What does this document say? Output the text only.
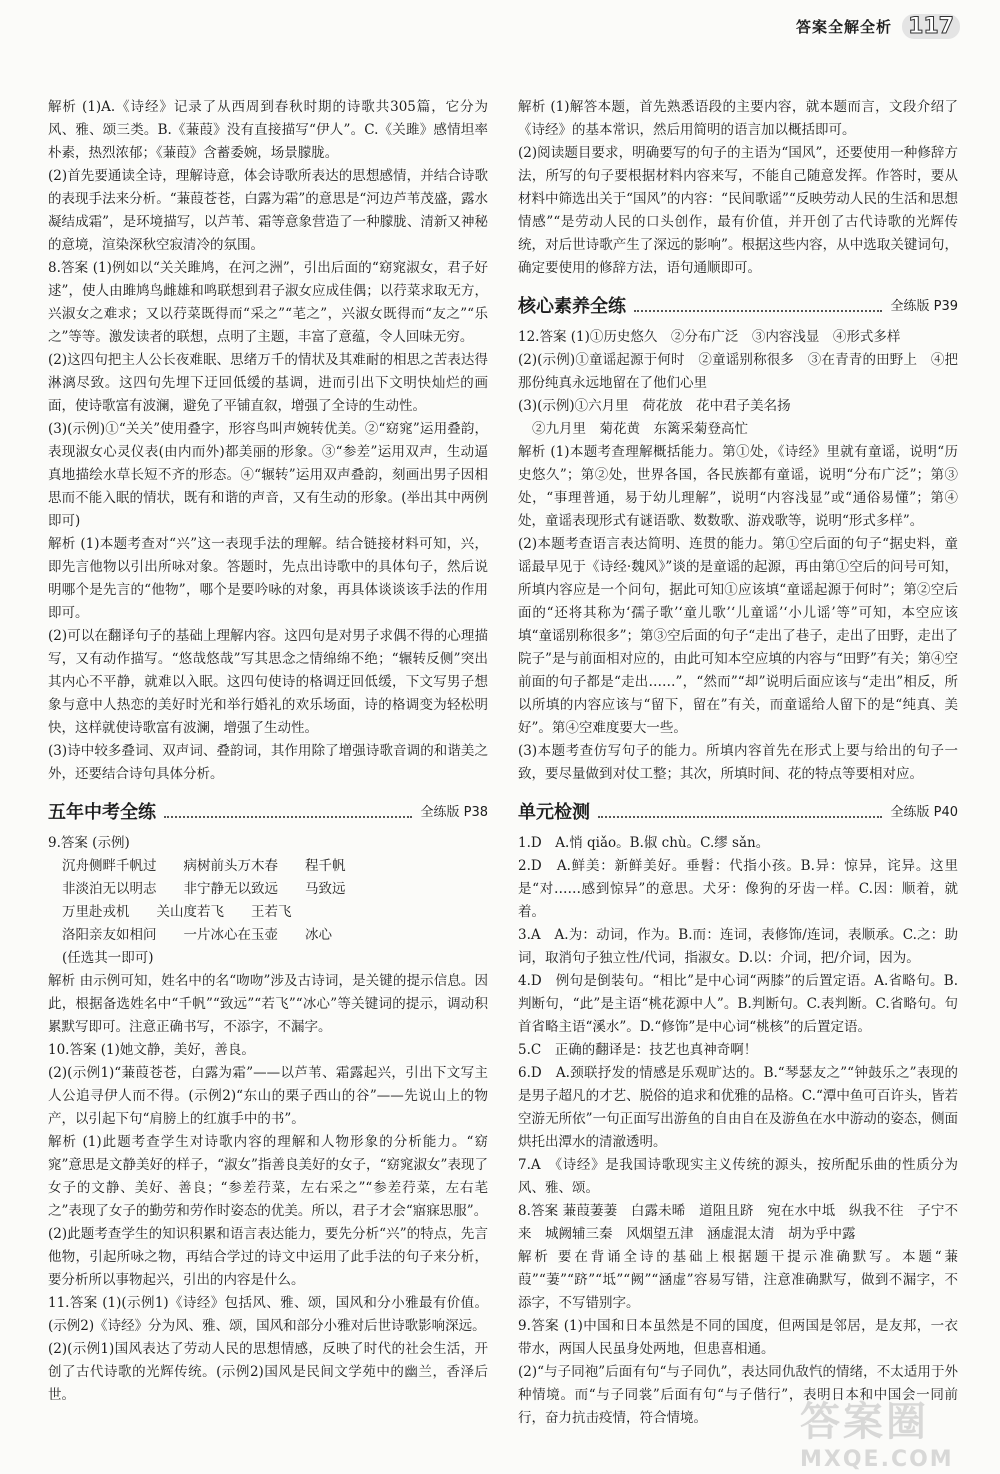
答案全解全析 117

解析 (1)A.《诗经》记录了从西周到春秋时期的诗歌共305篇，它分为风、雅、颂三类。B.《蒹葭》没有直接描写“伊人”。C.《关雎》感情坦率朴素，热烈浓郁；《蒹葭》含蓄委婉，场景朦胧。

(2)首先要通读全诗，理解诗意，体会诗歌所表达的思想感情，并结合诗歌的表现手法来分析。“蒹葭苍苍，白露为霜”的意思是“河边芦苇茂盛，露水凝结成霜”，是环境描写，以芦苇、霜等意象营造了一种朦胧、清新又神秘的意境，渲染深秋空寂清冷的氛围。

8.答案 (1)例如以“关关雎鸠，在河之洲”，引出后面的“窈窕淑女，君子好逑”，使人由雎鸠鸟雌雄和鸣联想到君子淑女应成佳偶；以荇菜求取无方，兴淑女之难求；又以荇菜既得而“采之”“芼之”，兴淑女既得而“友之”“乐之”等等。激发读者的联想，点明了主题，丰富了意蕴，令人回味无穷。

(2)这四句把主人公长夜难眠、思绪万千的情状及其难耐的相思之苦表达得淋漓尽致。这四句先埋下迂回低缓的基调，进而引出下文明快灿烂的画面，使诗歌富有波澜，避免了平铺直叙，增强了全诗的生动性。

(3)(示例)①“关关”使用叠字，形容鸟叫声婉转优美。②“窈窕”运用叠韵，表现淑女心灵仪表(由内而外)都美丽的形象。③“参差”运用双声，生动逼真地描绘水草长短不齐的形态。④“辗转”运用双声叠韵，刻画出男子因相思而不能入眠的情状，既有和谐的声音，又有生动的形象。(举出其中两例即可)

解析 (1)本题考查对“兴”这一表现手法的理解。结合链接材料可知，兴，即先言他物以引出所咏对象。答题时，先点出诗歌中的具体句子，然后说明哪个是先言的“他物”，哪个是要吟咏的对象，再具体谈谈该手法的作用即可。

(2)可以在翻译句子的基础上理解内容。这四句是对男子求偶不得的心理描写，又有动作描写。“悠哉悠哉”写其思念之情绵绵不绝；“辗转反侧”突出其内心不平静，就难以入眠。这四句使诗的格调迂回低缓，下文写男子想象与意中人热恋的美好时光和举行婚礼的欢乐场面，诗的格调变为轻松明快，这样就使诗歌富有波澜，增强了生动性。

(3)诗中较多叠词、双声词、叠韵词，其作用除了增强诗歌音调的和谐美之外，还要结合诗句具体分析。

五年中考全练	全练版 P38

9.答案 (示例)

沉舟侧畔千帆过　　病树前头万木春　　程千帆

非淡泊无以明志　　非宁静无以致远　　马致远

万里赴戎机　　关山度若飞　　王若飞

洛阳亲友如相问　　一片冰心在玉壶　　冰心

(任选其一即可)

解析 由示例可知，姓名中的名“吻吻”涉及古诗词，是关键的提示信息。因此，根据备选姓名中“千帆”“致远”“若飞”“冰心”等关键词的提示，调动积累默写即可。注意正确书写，不添字，不漏字。

10.答案 (1)她文静，美好，善良。

(2)(示例1)“蒹葭苍苍，白露为霜”——以芦苇、霜露起兴，引出下文写主人公追寻伊人而不得。(示例2)“东山的栗子西山的谷”——先说山上的物产，以引起下句“肩膀上的红旗手中的书”。

解析 (1)此题考查学生对诗歌内容的理解和人物形象的分析能力。“窈窕”意思是文静美好的样子，“淑女”指善良美好的女子，“窈窕淑女”表现了女子的文静、美好、善良；“参差荇菜，左右采之”“参差荇菜，左右芼之”表现了女子的勤劳和劳作时姿态的优美。所以，君子才会“寤寐思服”。

(2)此题考查学生的知识积累和语言表达能力，要先分析“兴”的特点，先言他物，引起所咏之物，再结合学过的诗文中运用了此手法的句子来分析，要分析所以事物起兴，引出的内容是什么。

11.答案 (1)(示例1)《诗经》包括风、雅、颂，国风和分小雅最有价值。(示例2)《诗经》分为风、雅、颂，国风和部分小雅对后世诗歌影响深远。

(2)(示例1)国风表达了劳动人民的思想情感，反映了时代的社会生活，开创了古代诗歌的光辉传统。(示例2)国风是民间文学苑中的幽兰，香泽后世。

解析 (1)解答本题，首先熟悉语段的主要内容，就本题而言，文段介绍了《诗经》的基本常识，然后用简明的语言加以概括即可。

(2)阅读题目要求，明确要写的句子的主语为“国风”，还要使用一种修辞方法，所写的句子要根据材料内容来写，不能自己随意发挥。作答时，要从材料中筛选出关于“国风”的内容：“民间歌谣”“反映劳动人民的生活和思想情感”“是劳动人民的口头创作，最有价值，并开创了古代诗歌的光辉传统，对后世诗歌产生了深远的影响”。根据这些内容，从中选取关键词句，确定要使用的修辞方法，语句通顺即可。

核心素养全练	全练版 P39

12.答案 (1)①历史悠久　②分布广泛　③内容浅显　④形式多样

(2)(示例)①童谣起源于何时　②童谣别称很多　③在青青的田野上　④把那份纯真永远地留在了他们心里

(3)(示例)①六月里　荷花放　花中君子美名扬

②九月里　菊花黄　东篱采菊登高忙

解析 (1)本题考查理解概括能力。第①处，《诗经》里就有童谣，说明“历史悠久”；第②处，世界各国，各民族都有童谣，说明“分布广泛”；第③处，“事理普通，易于幼儿理解”，说明“内容浅显”或“通俗易懂”；第④处，童谣表现形式有谜语歌、数数歌、游戏歌等，说明“形式多样”。

(2)本题考查语言表达简明、连贯的能力。第①空后面的句子“据史料，童谣最早见于《诗经·魏风》”谈的是童谣的起源，再由第①空后的问号可知，所填内容应是一个问句，据此可知①应该填“童谣起源于何时”；第②空后面的“还将其称为‘孺子歌’‘童儿歌’‘儿童谣’‘小儿谣’等”可知，本空应该填“童谣别称很多”；第③空后面的句子“走出了巷子，走出了田野，走出了院子”是与前面相对应的，由此可知本空应填的内容与“田野”有关；第④空前面的句子都是“走出……”，“然而”“却”说明后面应该与“走出”相反，所以所填的内容应该与“留下，留在”有关，而童谣给人留下的是“纯真、美好”。第④空难度要大一些。

(3)本题考查仿写句子的能力。所填内容首先在形式上要与给出的句子一致，要尽量做到对仗工整；其次，所填时间、花的特点等要相对应。

单元检测	全练版 P40

1.D　A.悄 qiǎo。B.俶 chù。C.缪 sǎn。

2.D　A.鲜美：新鲜美好。垂髫：代指小孩。B.异：惊异，诧异。这里是“对……感到惊异”的意思。犬牙：像狗的牙齿一样。C.因：顺着，就着。

3.A　A.为：动词，作为。B.而：连词，表修饰/连词，表顺承。C.之：助词，取消句子独立性/代词，指淑女。D.以：介词，把/介词，因为。

4.D　例句是倒装句。“相比”是中心词“两膝”的后置定语。A.省略句。B.判断句，“此”是主语“桃花源中人”。B.判断句。C.表判断。C.省略句。句首省略主语“溪水”。D.“修饰”是中心词“桃核”的后置定语。

5.C　正确的翻译是：技艺也真神奇啊！

6.D　A.颈联抒发的情感是乐观旷达的。B.“琴瑟友之”“钟鼓乐之”表现的是男子超凡的才艺、脱俗的追求和优雅的品格。C.“潭中鱼可百许头，皆若空游无所依”一句正面写出游鱼的自由自在及游鱼在水中游动的姿态，侧面烘托出潭水的清澈透明。

7.A　《诗经》是我国诗歌现实主义传统的源头，按所配乐曲的性质分为风、雅、颂。

8.答案 蒹葭萋萋　白露未晞　道阻且跻　宛在水中坻　纵我不往　子宁不来　城阙辅三秦　风烟望五津　涵虚混太清　胡为乎中露

解析 要在背诵全诗的基础上根据题干提示准确默写。本题“蒹葭”“萋”“跻”“坻”“阙”“涵虚”容易写错，注意准确默写，做到不漏字，不添字，不写错别字。

9.答案 (1)中国和日本虽然是不同的国度，但两国是邻居，是友邦，一衣带水，两国人民虽身处两地，但患喜相通。

(2)“与子同袍”后面有句“与子同仇”，表达同仇敌忾的情绪，不太适用于外种情境。而“与子同裳”后面有句“与子偕行”，表明日本和中国会一同前行，奋力抗击疫情，符合情境。	答案圈
MXQE.COM
